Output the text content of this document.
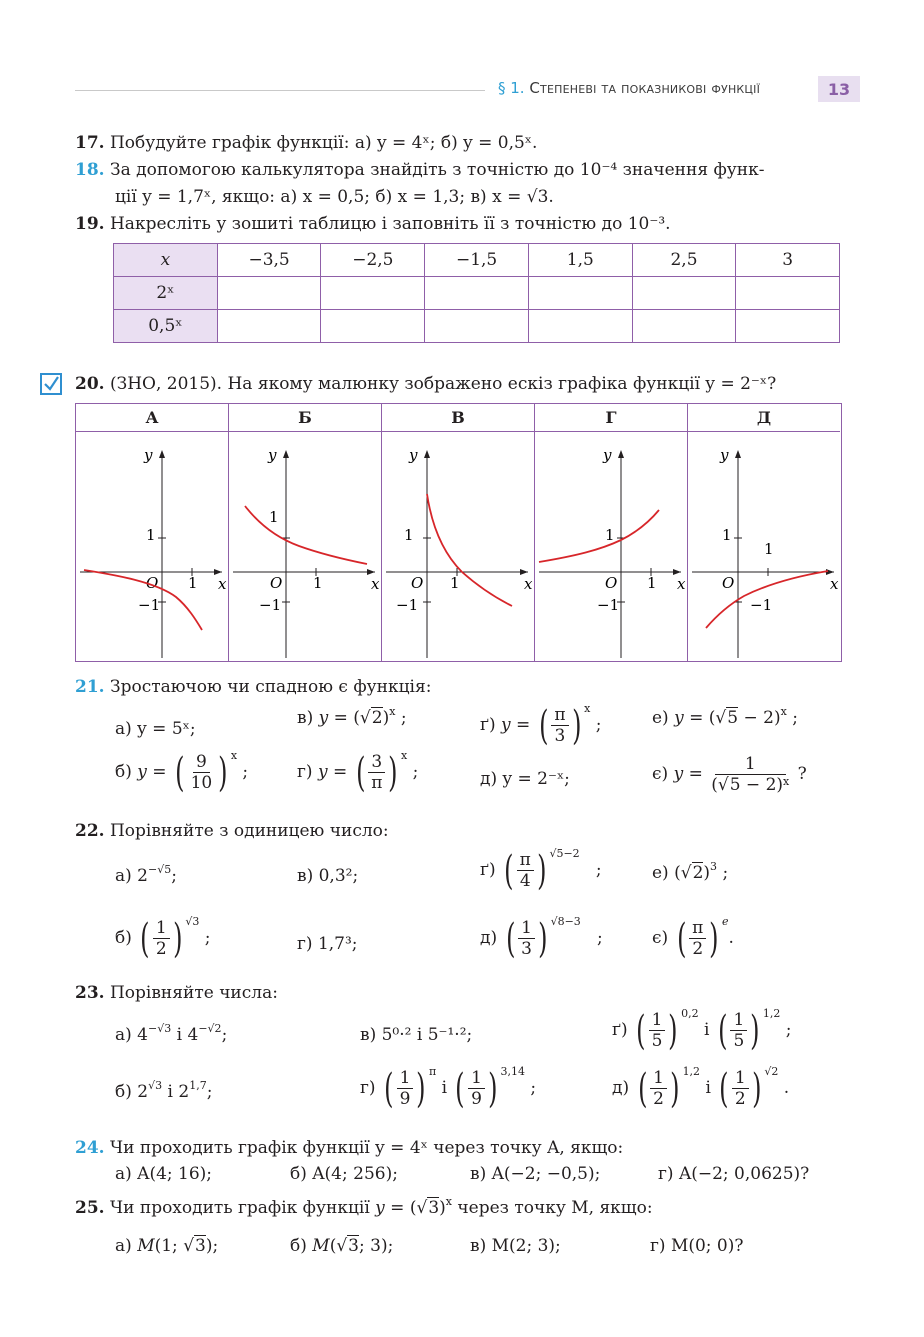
§ 1. Степеневі та показникові функції	13
17. Побудуйте графік функції: а) y = 4ˣ; б) y = 0,5ˣ.
18. За допомогою калькулятора знайдіть з точністю до 10⁻⁴ значення функ-
ції y = 1,7ˣ, якщо: а) x = 0,5; б) x = 1,3; в) x = √3.
19. Накресліть у зошиті таблицю і заповніть її з точністю до 10⁻³.
x	−3,5	−2,5	−1,5	1,5	2,5	3
2ˣ						
0,5ˣ						
20. (ЗНО, 2015). На якому малюнку зображено ескіз графіка функції y = 2⁻ˣ?
А
y
x
O
1
1
−1
Б
y
x
O
1
1
−1
В
y
x
O
1
1
−1
Г
y
x
O
1
1
−1
Д
y
x
O
1
1
−1
21. Зростаючою чи спадною є функція:
а) y = 5ˣ;
в) $y = (√2)^x$ ;	ґ) y = ( $\frac{\pi}{3}$ ) $^x$ ;	е) $y = (√5 - 2)^x$ ;
б) y = ( $\frac{9}{10}$ ) $^x$ ;	г) y = ( $\frac{3}{\pi}$ ) $^x$ ;	д) y = 2⁻ˣ;	є) $y = \frac{1}{(√5 - 2)^x}$ ?
22. Порівняйте з одиницею число:
а) $2^{-√5}$;	в) 0,3²;	ґ) ( $\frac{\pi}{4}$ ) $^{√5-2}$   ;	е) $(√2)^3$ ;
б) ( $\frac{1}{2}$ ) $^{√3}$ ;	г) 1,7³;	д) ( $\frac{1}{3}$ ) $^{√8-3}$   ;	є) ( $\frac{\pi}{2}$ ) $^e$.
23. Порівняйте числа:
а) $4^{-√3}$ і $4^{-√2}$;	в) 5⁰·² і 5⁻¹·²;	ґ) ( $\frac{1}{5}$ ) $^{0,2}$ і ( $\frac{1}{5}$ ) $^{1,2}$ ;
б) $2^{√3}$ і 2$^{1,7}$;	г) ( $\frac{1}{9}$ ) $^\pi$ і ( $\frac{1}{9}$ ) $^{3,14}$ ;	д) ( $\frac{1}{2}$ ) $^{1,2}$ і ( $\frac{1}{2}$ ) $^{√2}$ .
24. Чи проходить графік функції y = 4ˣ через точку A, якщо:
а) A(4; 16);	б) A(4; 256);	в) A(−2; −0,5);	г) A(−2; 0,0625)?
25. Чи проходить графік функції $y = (√3)^x$ через точку M, якщо:
а) M(1; √3);	б) M(√3; 3);	в) M(2; 3);	г) M(0; 0)?
